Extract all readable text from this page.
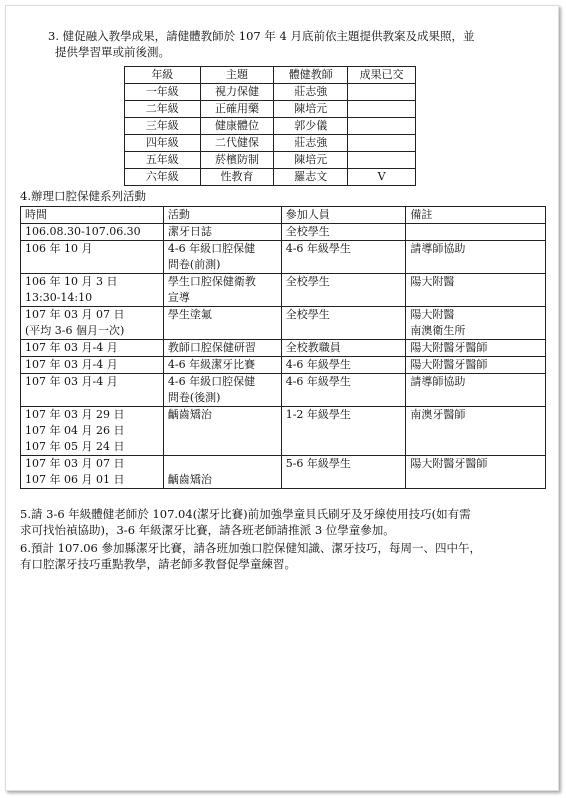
3. 健促融入教學成果，請健體教師於 107 年 4 月底前依主題提供教案及成果照，並
提供學習單或前後測。
年級	主題	體健教師	成果已交
一年級	視力保健	莊志強	
二年級	正確用藥	陳培元	
三年級	健康體位	郭少儀	
四年級	二代健保	莊志強	
五年級	菸檳防制	陳培元	
六年級	性教育	羅志文	V
4.辦理口腔保健系列活動
時間	活動	參加人員	備註

106.08.30-107.06.30	潔牙日誌	全校學生	

106 年 10 月	4-6 年級口腔保健
問卷(前測)	4-6 年級學生	請導師協助

106 年 10 月 3 日
13:30-14:10	學生口腔保健衛教
宣導	全校學生	陽大附醫

107 年 03 月 07 日
(平均 3-6 個月一次)	學生塗氟	全校學生	陽大附醫
南澳衛生所

107 年 03 月-4 月	教師口腔保健研習	全校教職員	陽大附醫牙醫師

107 年 03 月-4 月	4-6 年級潔牙比賽	4-6 年級學生	陽大附醫牙醫師

107 年 03 月-4 月	4-6 年級口腔保健
問卷(後測)	4-6 年級學生	請導師協助

107 年 03 月 29 日
107 年 04 月 26 日
107 年 05 月 24 日	齲齒矯治	1-2 年級學生	南澳牙醫師

107 年 03 月 07 日
107 年 06 月 01 日	齲齒矯治	5-6 年級學生	陽大附醫牙醫師
5.請 3-6 年級體健老師於 107.04(潔牙比賽)前加強學童貝氏刷牙及牙線使用技巧(如有需
求可找怡禎協助)，3-6 年級潔牙比賽，請各班老師請推派 3 位學童參加。
6.預計 107.06 參加縣潔牙比賽，請各班加強口腔保健知識、潔牙技巧，每周一、四中午，
有口腔潔牙技巧重點教學，請老師多教督促學童練習。
